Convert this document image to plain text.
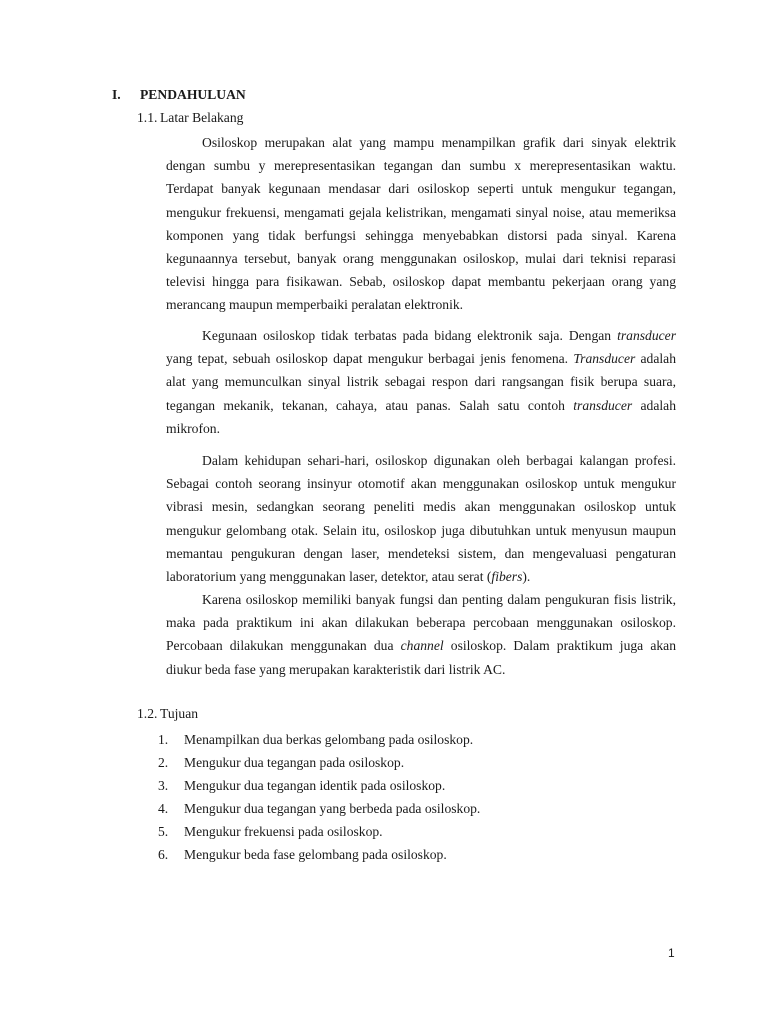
I. PENDAHULUAN
1.1. Latar Belakang

Osiloskop merupakan alat yang mampu menampilkan grafik dari sinyak elektrik dengan sumbu y merepresentasikan tegangan dan sumbu x merepresentasikan waktu. Terdapat banyak kegunaan mendasar dari osiloskop seperti untuk mengukur tegangan, mengukur frekuensi, mengamati gejala kelistrikan, mengamati sinyal noise, atau memeriksa komponen yang tidak berfungsi sehingga menyebabkan distorsi pada sinyal. Karena kegunaannya tersebut, banyak orang menggunakan osiloskop, mulai dari teknisi reparasi televisi hingga para fisikawan. Sebab, osiloskop dapat membantu pekerjaan orang yang merancang maupun memperbaiki peralatan elektronik.

Kegunaan osiloskop tidak terbatas pada bidang elektronik saja. Dengan transducer yang tepat, sebuah osiloskop dapat mengukur berbagai jenis fenomena. Transducer adalah alat yang memunculkan sinyal listrik sebagai respon dari rangsangan fisik berupa suara, tegangan mekanik, tekanan, cahaya, atau panas. Salah satu contoh transducer adalah mikrofon.

Dalam kehidupan sehari-hari, osiloskop digunakan oleh berbagai kalangan profesi. Sebagai contoh seorang insinyur otomotif akan menggunakan osiloskop untuk mengukur vibrasi mesin, sedangkan seorang peneliti medis akan menggunakan osiloskop untuk mengukur gelombang otak. Selain itu, osiloskop juga dibutuhkan untuk menyusun maupun memantau pengukuran dengan laser, mendeteksi sistem, dan mengevaluasi pengaturan laboratorium yang menggunakan laser, detektor, atau serat (fibers).

Karena osiloskop memiliki banyak fungsi dan penting dalam pengukuran fisis listrik, maka pada praktikum ini akan dilakukan beberapa percobaan menggunakan osiloskop. Percobaan dilakukan menggunakan dua channel osiloskop. Dalam praktikum juga akan diukur beda fase yang merupakan karakteristik dari listrik AC.

1.2. Tujuan
1. Menampilkan dua berkas gelombang pada osiloskop.
2. Mengukur dua tegangan pada osiloskop.
3. Mengukur dua tegangan identik pada osiloskop.
4. Mengukur dua tegangan yang berbeda pada osiloskop.
5. Mengukur frekuensi pada osiloskop.
6. Mengukur beda fase gelombang pada osiloskop.
1
